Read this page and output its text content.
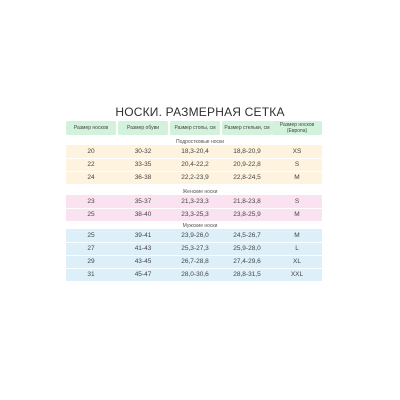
НОСКИ. РАЗМЕРНАЯ СЕТКА
Размер носков	Размер обуви	Размер стопы, см	Размер стельки, см	Размер носков (Европа)
Подростковые носки
20	30-32	18,3-20,4	18,8-20,9	XS
22	33-35	20,4-22,2	20,9-22,8	S
24	36-38	22,2-23,9	22,8-24,5	M
Женские носки
23	35-37	21,3-23,3	21,8-23,8	S
25	38-40	23,3-25,3	23,8-25,9	M
Мужские носки
25	39-41	23,9-26,0	24,5-26,7	M
27	41-43	25,3-27,3	25,9-28,0	L
29	43-45	26,7-28,8	27,4-29,6	XL
31	45-47	28,0-30,6	28,8-31,5	XXL
